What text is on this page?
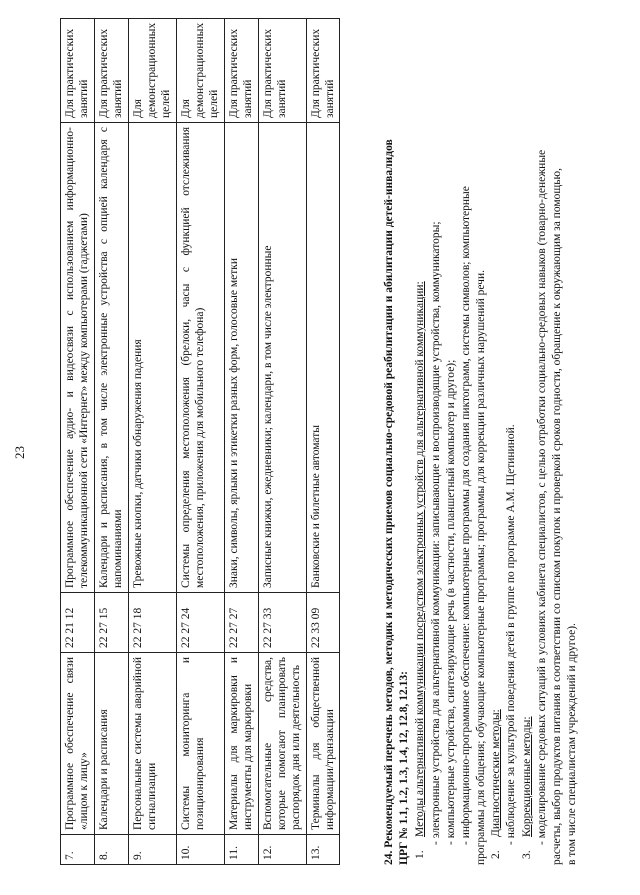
23
7.	Программное обеспечение связи «лицом к лицу»	22 21 12	Программное обеспечение аудио- и видеосвязи с использованием информационно-телекоммуникационной сети «Интернет» между компьютерами (гаджетами)	Для практических занятий
8.	Календари и расписания	22 27 15	Календари и расписания, в том числе электронные устройства с опцией календаря с напоминаниями	Для практических занятий
9.	Персональные системы аварийной сигнализации	22 27 18	Тревожные кнопки, датчики обнаружения падения	Для демонстрационных целей
10.	Системы мониторинга и позиционирования	22 27 24	Системы определения местоположения (брелоки, часы с функцией отслеживания местоположения, приложения для мобильного телефона)	Для демонстрационных целей
11.	Материалы для маркировки и инструменты для маркировки	22 27 27	Знаки, символы, ярлыки и этикетки разных форм, голосовые метки	Для практических занятий
12.	Вспомогательные средства, которые помогают планировать распорядок дня или деятельность	22 27 33	Записные книжки, ежедневники; календари, в том числе электронные	Для практических занятий
13.	Терминалы для общественной информации/транзакции	22 33 09	Банковские и билетные автоматы	Для практических занятий

24. Рекомендуемый перечень методов, методик и методических приемов социально-средовой реабилитации и абилитации детей-инвалидов ЦРГ № 1.1, 1.2, 1.3, 1.4, 12, 12.8, 12.13: 1.
Методы альтернативной коммуникации посредством электронных устройств для альтернативной коммуникации: - электронные устройства для альтернативной коммуникации: записывающие и воспроизводящие устройства, коммуникаторы; - компьютерные устройства, синтезирующие речь (в частности, планшетный компьютер и другое); - информационно-программное обеспечение: компьютерные программы для создания пиктограмм, системы символов; компьютерные программы для общения; обучающие компьютерные программы; программы для коррекции различных нарушений речи. 2.
Диагностические методы: - наблюдение за культурой поведения детей в группе по программе А.М. Щетининой.

3.
Коррекционные методы: - моделирование средовых ситуаций в условиях кабинета специалистов, с целью отработки социально-средовых навыков (товарно-денежные расчеты, выбор продуктов питания в соответствии со списком покупок и проверкой сроков годности, обращение к окружающим за помощью, в том числе специалистам учреждений и другое).
